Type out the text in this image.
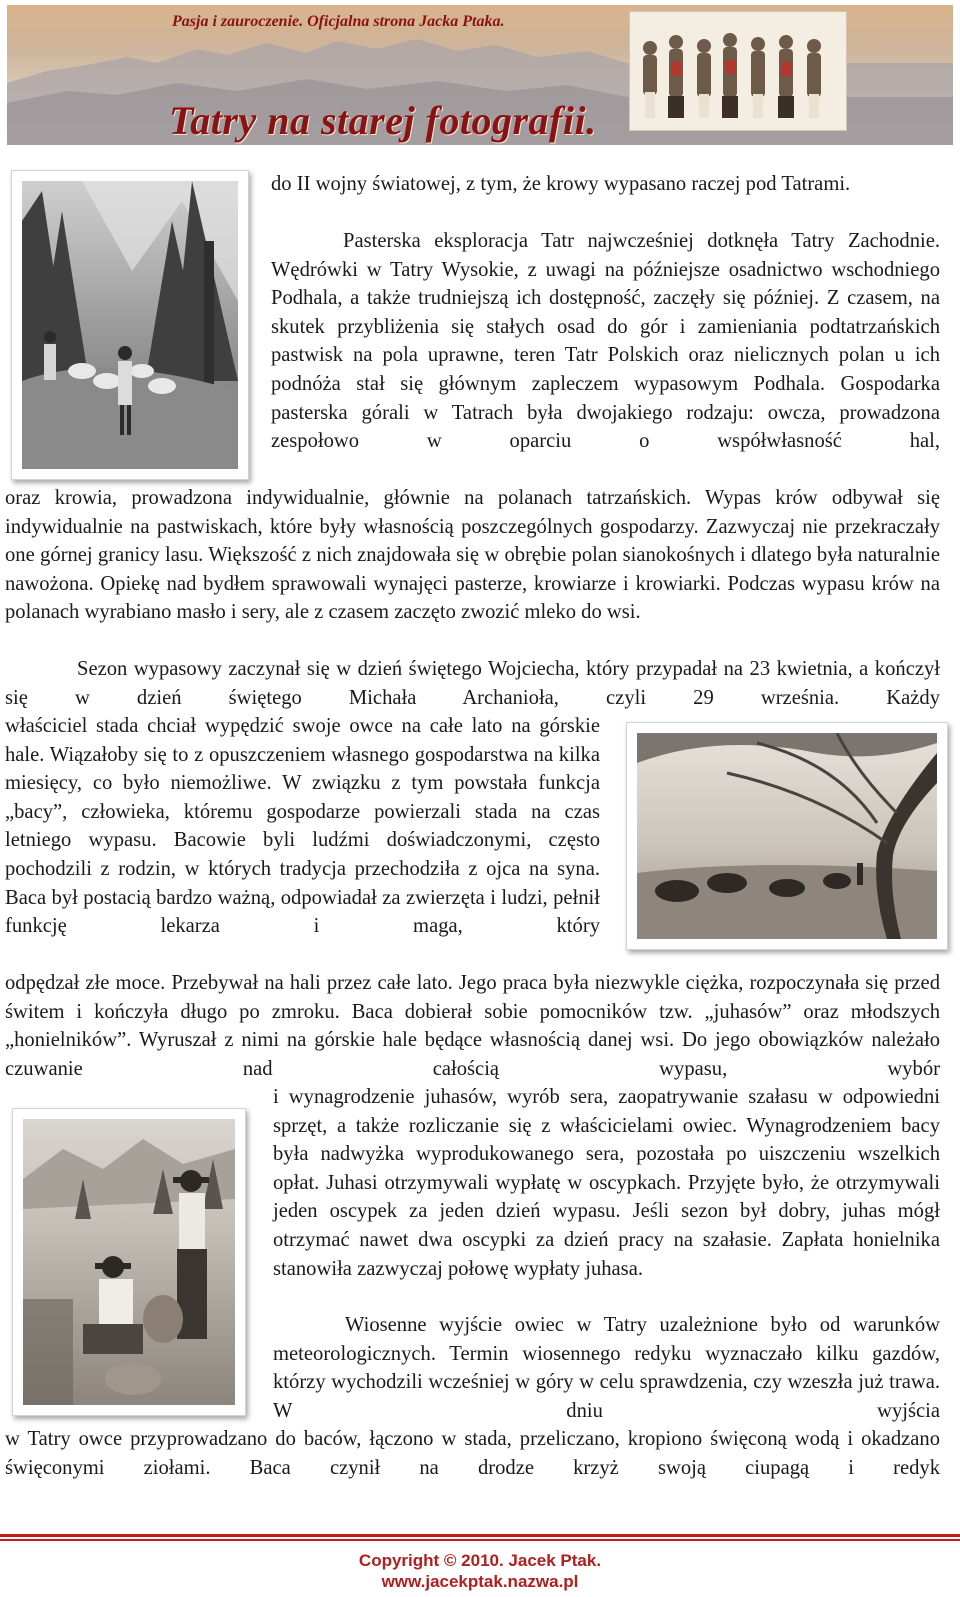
Pasja i zauroczenie. Oficjalna strona Jacka Ptaka.
Tatry na starej fotografii.

do II wojny światowej, z tym, że krowy wypasano raczej pod Tatrami.

Pasterska eksploracja Tatr najwcześniej dotknęła Tatry Zachodnie. Wędrówki w Tatry Wysokie, z uwagi na późniejsze osadnictwo wschodniego Podhala, a także trudniejszą ich dostępność, zaczęły się później. Z czasem, na skutek przybliżenia się stałych osad do gór i zamieniania podtatrzańskich pastwisk na pola uprawne, teren Tatr Polskich oraz nielicznych polan u ich podnóża stał się głównym zapleczem wypasowym Podhala. Gospodarka pasterska górali w Tatrach była dwojakiego rodzaju: owcza, prowadzona zespołowo w oparciu o współwłasność hal,

oraz krowia, prowadzona indywidualnie, głównie na polanach tatrzańskich. Wypas krów odbywał się indywidualnie na pastwiskach, które były własnością poszczególnych gospodarzy. Zazwyczaj nie przekraczały one górnej granicy lasu. Większość z nich znajdowała się w obrębie polan sianokośnych i dlatego była naturalnie nawożona. Opiekę nad bydłem sprawowali wynajęci pasterze, krowiarze i krowiarki. Podczas wypasu krów na polanach wyrabiano masło i sery, ale z czasem zaczęto zwozić mleko do wsi.

Sezon wypasowy zaczynał się w dzień świętego Wojciecha, który przypadał na 23 kwietnia, a kończył się w dzień świętego Michała Archanioła, czyli 29 września. Każdy

właściciel stada chciał wypędzić swoje owce na całe lato na górskie hale. Wiązałoby się to z opuszczeniem własnego gospodarstwa na kilka miesięcy, co było niemożliwe. W związku z tym powstała funkcja „bacy”, człowieka, któremu gospodarze powierzali stada na czas letniego wypasu. Bacowie byli ludźmi doświadczonymi, często pochodzili z rodzin, w których tradycja przechodziła z ojca na syna. Baca był postacią bardzo ważną, odpowiadał za zwierzęta i ludzi, pełnił funkcję lekarza i maga, który

odpędzał złe moce. Przebywał na hali przez całe lato. Jego praca była niezwykle ciężka, rozpoczynała się przed świtem i kończyła długo po zmroku. Baca dobierał sobie pomocników tzw. „juhasów” oraz młodszych „honielników”. Wyruszał z nimi na górskie hale będące własnością danej wsi. Do jego obowiązków należało czuwanie nad całością wypasu, wybór

i wynagrodzenie juhasów, wyrób sera, zaopatrywanie szałasu w odpowiedni sprzęt, a także rozliczanie się z właścicielami owiec. Wynagrodzeniem bacy była nadwyżka wyprodukowanego sera, pozostała po uiszczeniu wszelkich opłat. Juhasi otrzymywali wypłatę w oscypkach. Przyjęte było, że otrzymywali jeden oscypek za jeden dzień wypasu. Jeśli sezon był dobry, juhas mógł otrzymać nawet dwa oscypki za dzień pracy na szałasie. Zapłata honielnika stanowiła zazwyczaj połowę wypłaty juhasa.

Wiosenne wyjście owiec w Tatry uzależnione było od warunków meteorologicznych. Termin wiosennego redyku wyznaczało kilku gazdów, którzy wychodzili wcześniej w góry w celu sprawdzenia, czy wzeszła już trawa. W dniu wyjścia

w Tatry owce przyprowadzano do baców, łączono w stada, przeliczano, kropiono święconą wodą i okadzano święconymi ziołami. Baca czynił na drodze krzyż swoją ciupagą i redyk

Copyright © 2010. Jacek Ptak.
www.jacekptak.nazwa.pl
